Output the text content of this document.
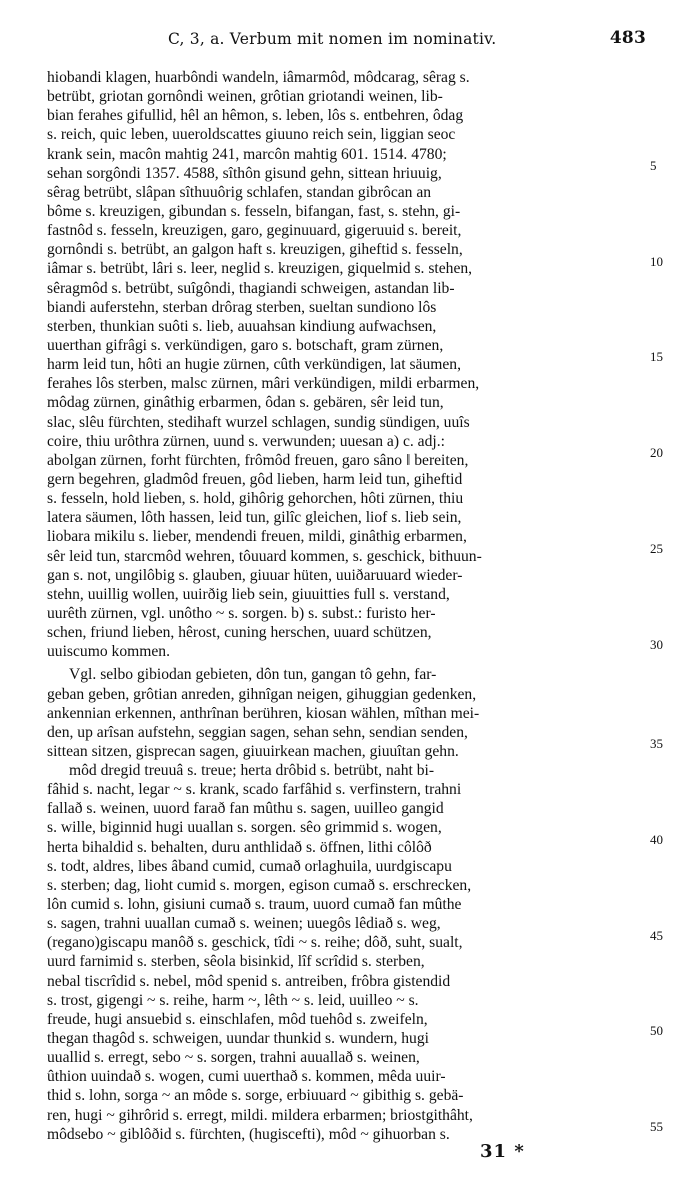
C, 3, a. Verbum mit nomen im nominativ.	483
hiobandi klagen, huarbôndi wandeln, iâmarmôd, môdcarag, sêrag s.
betrübt, griotan gornôndi weinen, grôtian griotandi weinen, lib-
bian ferahes gifullid, hêl an hêmon, s. leben, lôs s. entbehren, ôdag
s. reich, quic leben, uueroldscattes giuuno reich sein, liggian seoc
krank sein, macôn mahtig 241, marcôn mahtig 601. 1514. 4780;
sehan sorgôndi 1357. 4588, sîthôn gisund gehn, sittean hriuuig,
sêrag betrübt, slâpan sîthuuôrig schlafen, standan gibrôcan an
bôme s. kreuzigen, gibundan s. fesseln, bifangan, fast, s. stehn, gi-
fastnôd s. fesseln, kreuzigen, garo, geginuuard, gigeruuid s. bereit,
gornôndi s. betrübt, an galgon haft s. kreuzigen, giheftid s. fesseln,
iâmar s. betrübt, lâri s. leer, neglid s. kreuzigen, giquelmid s. stehen,
sêragmôd s. betrübt, suîgôndi, thagiandi schweigen, astandan lib-
biandi auferstehn, sterban drôrag sterben, sueltan sundiono lôs
sterben, thunkian suôti s. lieb, auuahsan kindiung aufwachsen,
uuerthan gifrâgi s. verkündigen, garo s. botschaft, gram zürnen,
harm leid tun, hôti an hugie zürnen, cûth verkündigen, lat säumen,
ferahes lôs sterben, malsc zürnen, mâri verkündigen, mildi erbarmen,
môdag zürnen, ginâthig erbarmen, ôdan s. gebären, sêr leid tun,
slac, slêu fürchten, stedihaft wurzel schlagen, sundig sündigen, uuîs
coire, thiu urôthra zürnen, uund s. verwunden; uuesan a) c. adj.:
abolgan zürnen, forht fürchten, frômôd freuen, garo sâno ‖ bereiten,
gern begehren, gladmôd freuen, gôd lieben, harm leid tun, giheftid
s. fesseln, hold lieben, s. hold, gihôrig gehorchen, hôti zürnen, thiu
latera säumen, lôth hassen, leid tun, gilîc gleichen, liof s. lieb sein,
liobara mikilu s. lieber, mendendi freuen, mildi, ginâthig erbarmen,
sêr leid tun, starcmôd wehren, tôuuard kommen, s. geschick, bithuun-
gan s. not, ungilôbig s. glauben, giuuar hüten, uuiðaruuard wieder-
stehn, uuillig wollen, uuirðig lieb sein, giuuitties full s. verstand,
uurêth zürnen, vgl. unôtho ~ s. sorgen. b) s. subst.: furisto her-
schen, friund lieben, hêrost, cuning herschen, uuard schützen,
uuiscumo kommen.
Vgl. selbo gibiodan gebieten, dôn tun, gangan tô gehn, far-
geban geben, grôtian anreden, gihnîgan neigen, gihuggian gedenken,
ankennian erkennen, anthrînan berühren, kiosan wählen, mîthan mei-
den, up arîsan aufstehn, seggian sagen, sehan sehn, sendian senden,
sittean sitzen, gisprecan sagen, giuuirkean machen, giuuîtan gehn.
môd dregid treuuâ s. treue; herta drôbid s. betrübt, naht bi-
fâhid s. nacht, legar ~ s. krank, scado farfâhid s. verfinstern, trahni
fallað s. weinen, uuord farað fan mûthu s. sagen, uuilleo gangid
s. wille, biginnid hugi uuallan s. sorgen. sêo grimmid s. wogen,
herta bihaldid s. behalten, duru anthlidað s. öffnen, lithi côlôð
s. todt, aldres, libes âband cumid, cumað orlaghuila, uurdgiscapu
s. sterben; dag, lioht cumid s. morgen, egison cumað s. erschrecken,
lôn cumid s. lohn, gisiuni cumað s. traum, uuord cumað fan mûthe
s. sagen, trahni uuallan cumað s. weinen; uuegôs lêdiað s. weg,
(regano)giscapu manôð s. geschick, tîdi ~ s. reihe; dôð, suht, sualt,
uurd farnimid s. sterben, sêola bisinkid, lîf scrîdid s. sterben,
nebal tiscrîdid s. nebel, môd spenid s. antreiben, frôbra gistendid
s. trost, gigengi ~ s. reihe, harm ~, lêth ~ s. leid, uuilleo ~ s.
freude, hugi ansuebid s. einschlafen, môd tuehôd s. zweifeln,
thegan thagôd s. schweigen, uundar thunkid s. wundern, hugi
uuallid s. erregt, sebo ~ s. sorgen, trahni auuallað s. weinen,
ûthion uuindað s. wogen, cumi uuerthað s. kommen, mêda uuir-
thid s. lohn, sorga ~ an môde s. sorge, erbiuuard ~ gibithig s. gebä-
ren, hugi ~ gihrôrid s. erregt, mildi. mildera erbarmen; briostgithâht,
môdsebo ~ giblôðid s. fürchten, (hugiscefti), môd ~ gihuorban s.
5
10
15
20
25
30
35
40
45
50
55
31 *
